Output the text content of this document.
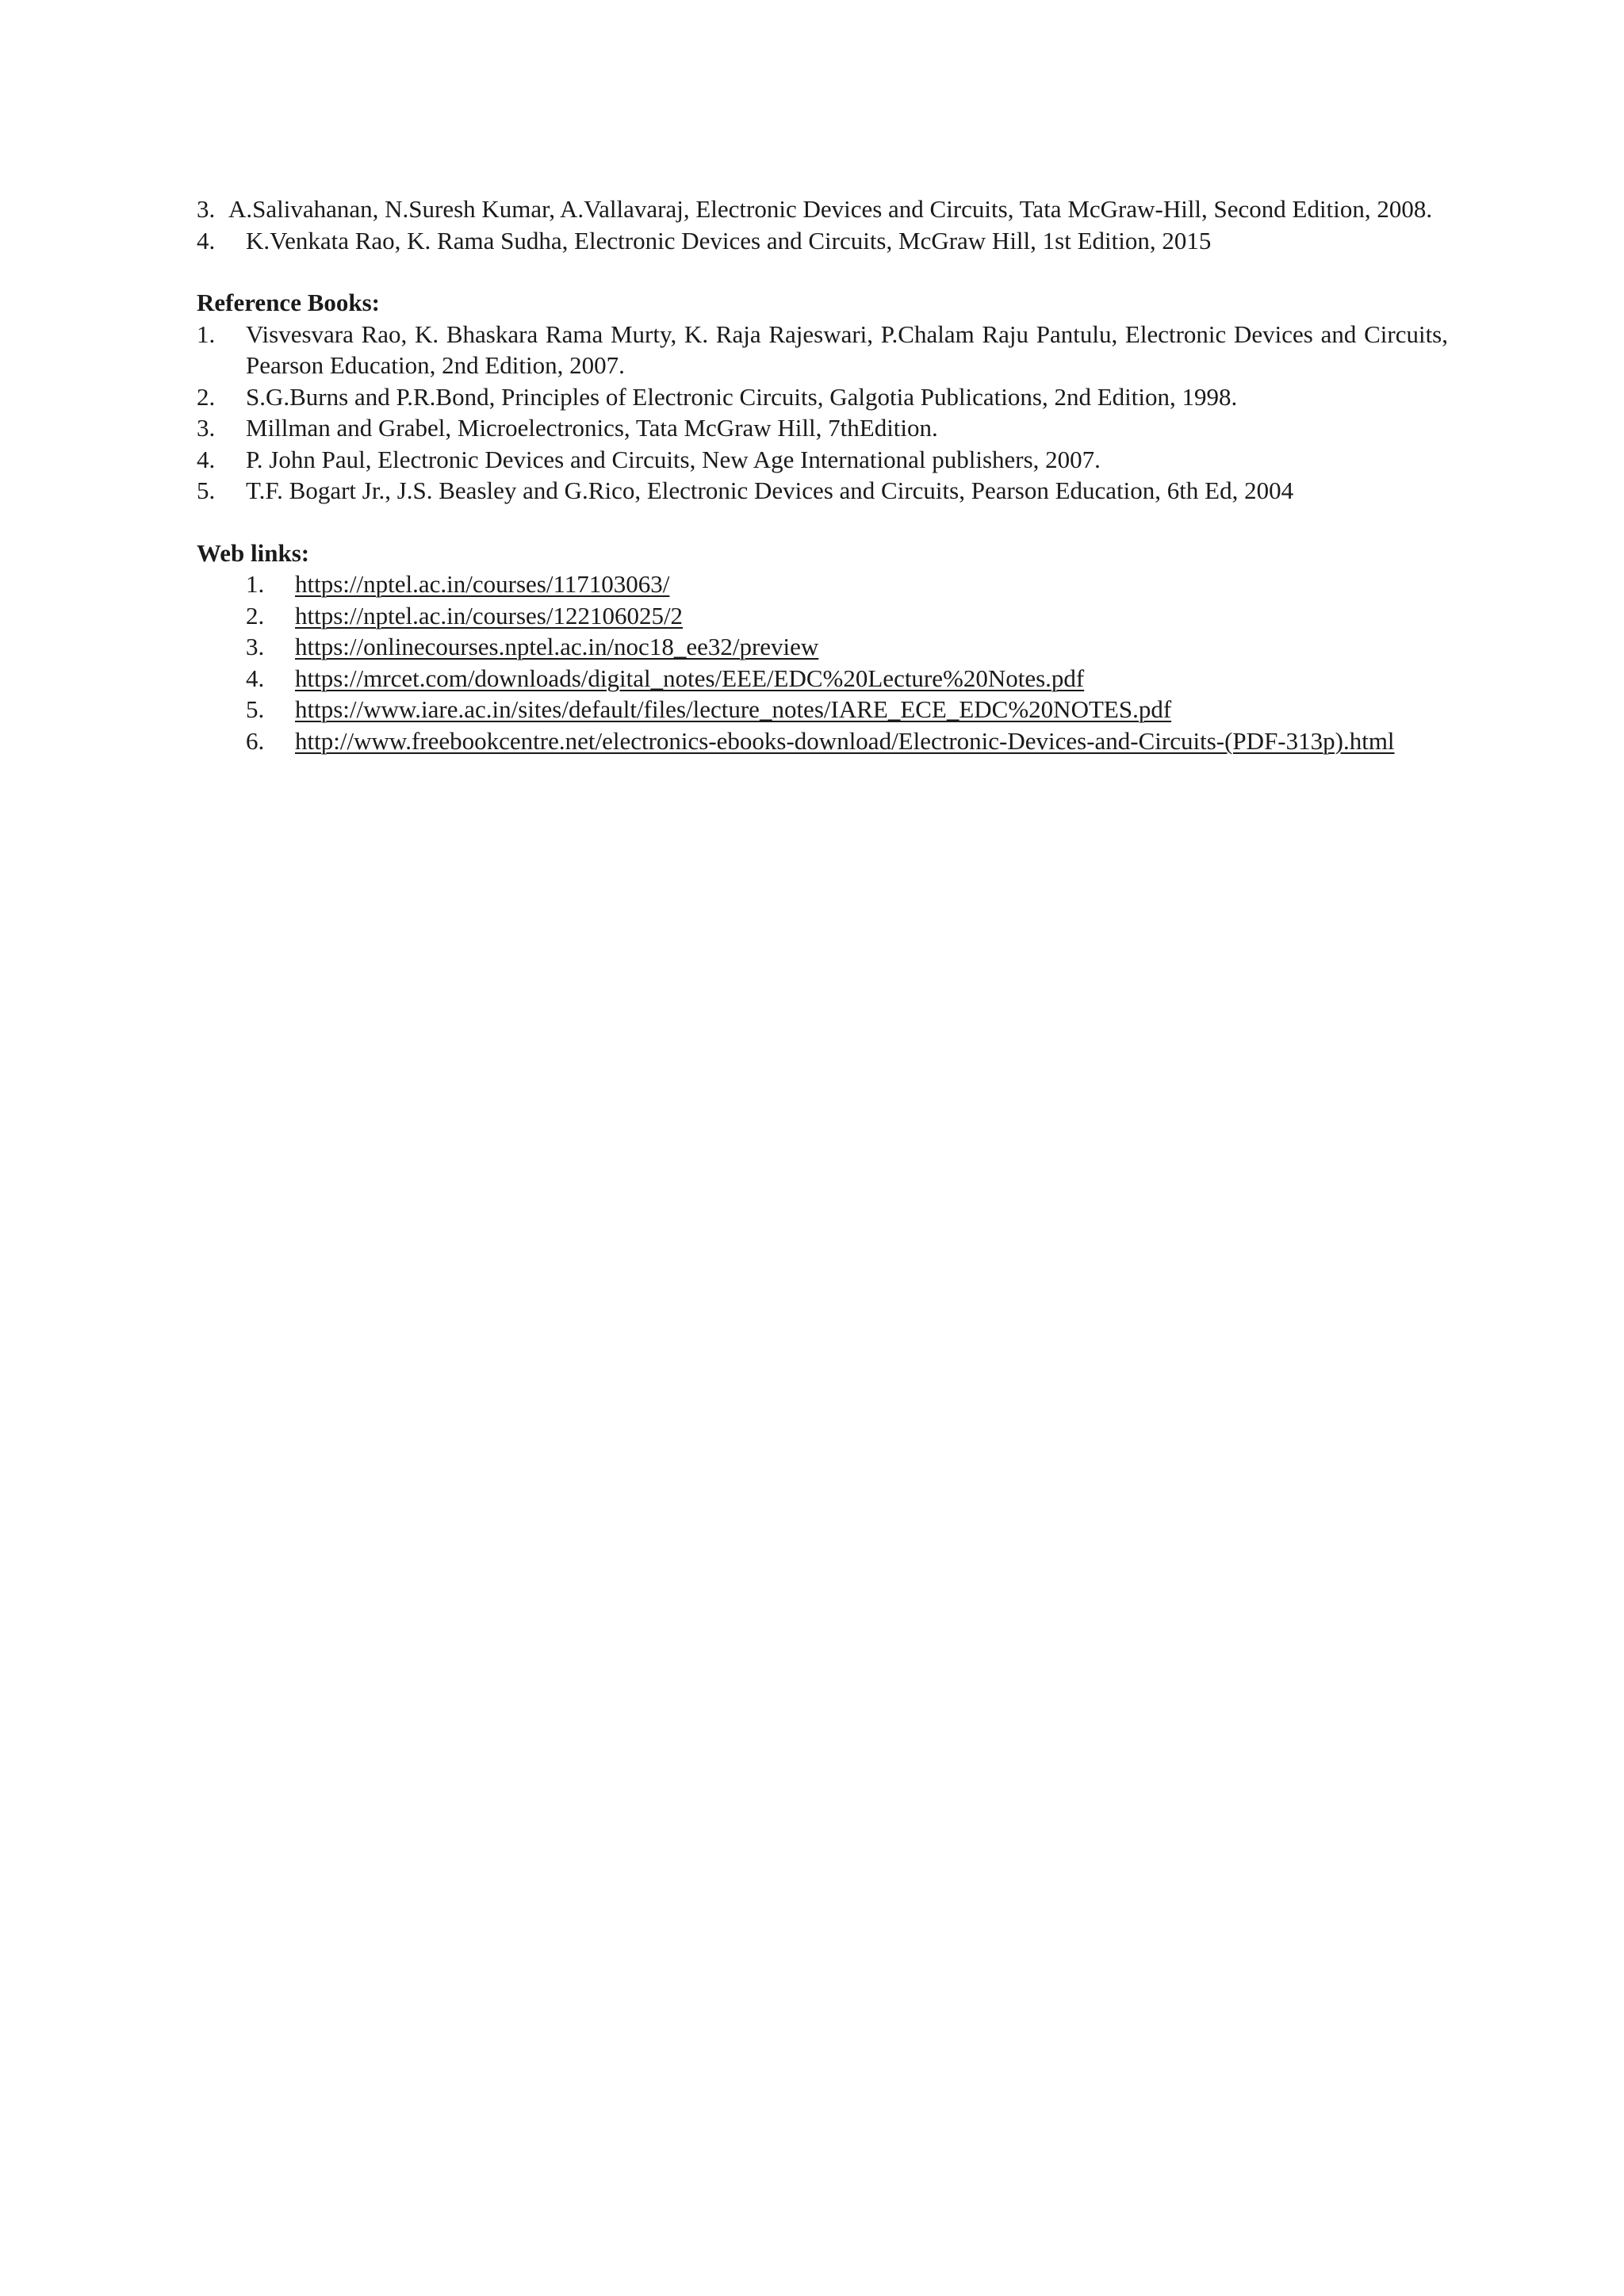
3. A.Salivahanan, N.Suresh Kumar, A.Vallavaraj, Electronic Devices and Circuits, Tata McGraw-Hill, Second Edition, 2008.
4. K.Venkata Rao, K. Rama Sudha, Electronic Devices and Circuits, McGraw Hill, 1st Edition, 2015
Reference Books:
1. Visvesvara Rao, K. Bhaskara Rama Murty, K. Raja Rajeswari, P.Chalam Raju Pantulu, Electronic Devices and Circuits, Pearson Education, 2nd Edition, 2007.
2. S.G.Burns and P.R.Bond, Principles of Electronic Circuits, Galgotia Publications, 2nd Edition, 1998.
3. Millman and Grabel, Microelectronics, Tata McGraw Hill, 7thEdition.
4. P. John Paul, Electronic Devices and Circuits, New Age International publishers, 2007.
5. T.F. Bogart Jr., J.S. Beasley and G.Rico, Electronic Devices and Circuits, Pearson Education, 6th Ed, 2004
Web links:
1. https://nptel.ac.in/courses/117103063/
2. https://nptel.ac.in/courses/122106025/2
3. https://onlinecourses.nptel.ac.in/noc18_ee32/preview
4. https://mrcet.com/downloads/digital_notes/EEE/EDC%20Lecture%20Notes.pdf
5. https://www.iare.ac.in/sites/default/files/lecture_notes/IARE_ECE_EDC%20NOTES.pdf
6. http://www.freebookcentre.net/electronics-ebooks-download/Electronic-Devices-and-Circuits-(PDF-313p).html
